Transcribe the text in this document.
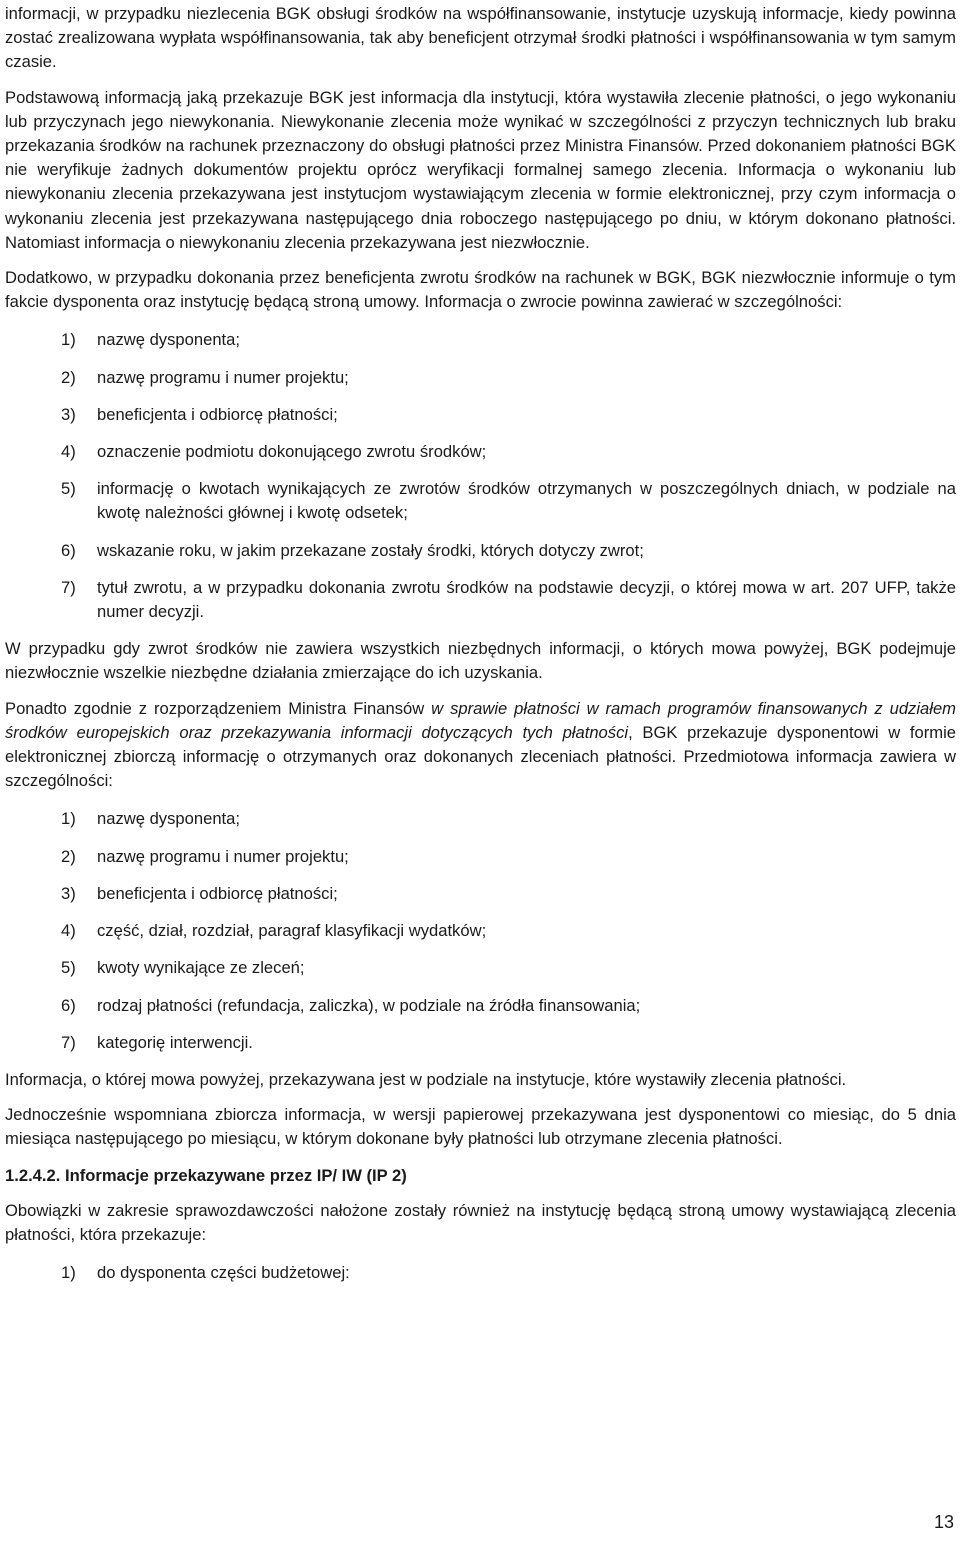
informacji, w przypadku niezlecenia BGK obsługi środków na współfinansowanie, instytucje uzyskują informacje, kiedy powinna zostać zrealizowana wypłata współfinansowania, tak aby beneficjent otrzymał środki płatności i współfinansowania w tym samym czasie.

Podstawową informacją jaką przekazuje BGK jest informacja dla instytucji, która wystawiła zlecenie płatności, o jego wykonaniu lub przyczynach jego niewykonania. Niewykonanie zlecenia może wynikać w szczególności z przyczyn technicznych lub braku przekazania środków na rachunek przeznaczony do obsługi płatności przez Ministra Finansów. Przed dokonaniem płatności BGK nie weryfikuje żadnych dokumentów projektu oprócz weryfikacji formalnej samego zlecenia. Informacja o wykonaniu lub niewykonaniu zlecenia przekazywana jest instytucjom wystawiającym zlecenia w formie elektronicznej, przy czym informacja o wykonaniu zlecenia jest przekazywana następującego dnia roboczego następującego po dniu, w którym dokonano płatności. Natomiast informacja o niewykonaniu zlecenia przekazywana jest niezwłocznie.

Dodatkowo, w przypadku dokonania przez beneficjenta zwrotu środków na rachunek w BGK, BGK niezwłocznie informuje o tym fakcie dysponenta oraz instytucję będącą stroną umowy. Informacja o zwrocie powinna zawierać w szczególności:

1)	nazwę dysponenta;
2)	nazwę programu i numer projektu;
3)	beneficjenta i odbiorcę płatności;
4)	oznaczenie podmiotu dokonującego zwrotu środków;
5)	informację o kwotach wynikających ze zwrotów środków otrzymanych w poszczególnych dniach, w podziale na kwotę należności głównej i kwotę odsetek;
6)	wskazanie roku, w jakim przekazane zostały środki, których dotyczy zwrot;
7)	tytuł zwrotu, a w przypadku dokonania zwrotu środków na podstawie decyzji, o której mowa w art. 207 UFP, także numer decyzji.

W przypadku gdy zwrot środków nie zawiera wszystkich niezbędnych informacji, o których mowa powyżej, BGK podejmuje niezwłocznie wszelkie niezbędne działania zmierzające do ich uzyskania.

Ponadto zgodnie z rozporządzeniem Ministra Finansów w sprawie płatności w ramach programów finansowanych z udziałem środków europejskich oraz przekazywania informacji dotyczących tych płatności, BGK przekazuje dysponentowi w formie elektronicznej zbiorczą informację o otrzymanych oraz dokonanych zleceniach płatności. Przedmiotowa informacja zawiera w szczególności:

1)	nazwę dysponenta;
2)	nazwę programu i numer projektu;
3)	beneficjenta i odbiorcę płatności;
4)	część, dział, rozdział, paragraf klasyfikacji wydatków;
5)	kwoty wynikające ze zleceń;
6)	rodzaj płatności (refundacja, zaliczka), w podziale na źródła finansowania;
7)	kategorię interwencji.

Informacja, o której mowa powyżej, przekazywana jest w podziale na instytucje, które wystawiły zlecenia płatności.

Jednocześnie wspomniana zbiorcza informacja, w wersji papierowej przekazywana jest dysponentowi co miesiąc, do 5 dnia miesiąca następującego po miesiącu, w którym dokonane były płatności lub otrzymane zlecenia płatności.

1.2.4.2. Informacje przekazywane przez IP/ IW (IP 2)

Obowiązki w zakresie sprawozdawczości nałożone zostały również na instytucję będącą stroną umowy wystawiającą zlecenia płatności, która przekazuje:

1)	do dysponenta części budżetowej:
13
